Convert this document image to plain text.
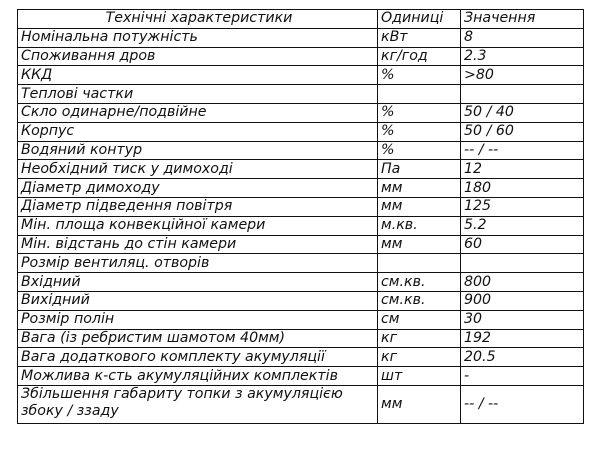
Технічні характеристики	Одиниці	Значення
Номінальна потужність	кВт	8
Споживання дров	кг/год	2.3
ККД	%	>80
Теплові частки		
Скло одинарне/подвійне	%	50 / 40
Корпус	%	50 / 60
Водяний контур	%	-- / --
Необхідний тиск у димоході	Па	12
Діаметр димоходу	мм	180
Діаметр підведення повітря	мм	125
Мін. площа конвекційної камери	м.кв.	5.2
Мін. відстань до стін камери	мм	60
Розмір вентиляц. отворів		
Вхідний	см.кв.	800
Вихідний	см.кв.	900
Розмір полін	см	30
Вага (із ребристим шамотом 40мм)	кг	192
Вага додаткового комплекту акумуляції	кг	20.5
Можлива к-сть акумуляційних комплектів	шт	-
Збільшення габариту топки з акумуляцією збоку / ззаду	мм	-- / --
